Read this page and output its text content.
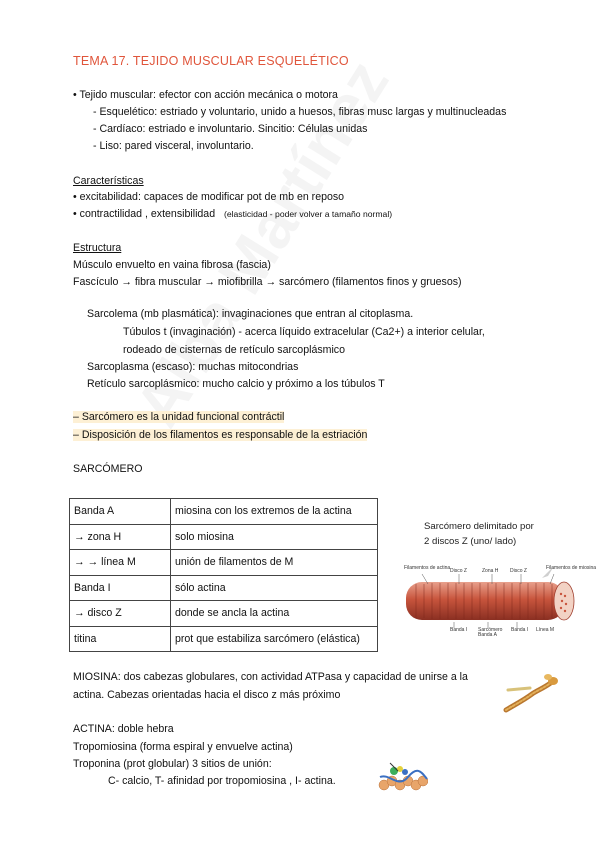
TEMA 17. TEJIDO MUSCULAR ESQUELÉTICO
• Tejido muscular: efector con acción mecánica o motora
- Esquelético: estriado y voluntario, unido a huesos, fibras musc largas y multinucleadas
- Cardíaco: estriado e involuntario. Sincitio: Células unidas
- Liso: pared visceral, involuntario.
Características
• excitabilidad: capaces de modificar pot de mb en reposo
• contractilidad , extensibilidad (elasticidad - poder volver a tamaño normal)
Estructura
Músculo envuelto en vaina fibrosa (fascia)
Fascículo → fibra muscular → miofibrilla → sarcómero (filamentos finos y gruesos)
Sarcolema (mb plasmática): invaginaciones que entran al citoplasma.
Túbulos t (invaginación) - acerca líquido extracelular (Ca2+) a interior celular,
rodeado de cisternas de retículo sarcoplásmico
Sarcoplasma (escaso): muchas mitocondrias
Retículo sarcoplásmico: mucho calcio y próximo a los túbulos T
– Sarcómero es la unidad funcional contráctil
– Disposición de los filamentos es responsable de la estriación
SARCÓMERO
Banda A	miosina con los extremos de la actina
→ zona H	solo miosina
→ → línea M	unión de filamentos de M
Banda I	sólo actina
→ disco Z	donde se ancla la actina
titina	prot que estabiliza sarcómero (elástica)
Sarcómero delimitado por
2 discos Z (uno/ lado)
Filamentos de actina Disco Z	Zona H Disco Z	Filamentos de miosina
Banda I Sarcómero
Banda A
Banda I Línea M
MIOSINA: dos cabezas globulares, con actividad ATPasa y capacidad de unirse a la
actina. Cabezas orientadas hacia el disco z más próximo
ACTINA: doble hebra
Tropomiosina (forma espiral y envuelve actina)
Troponina (prot globular) 3 sitios de unión:
C- calcio, T- afinidad por tropomiosina , I- actina.
